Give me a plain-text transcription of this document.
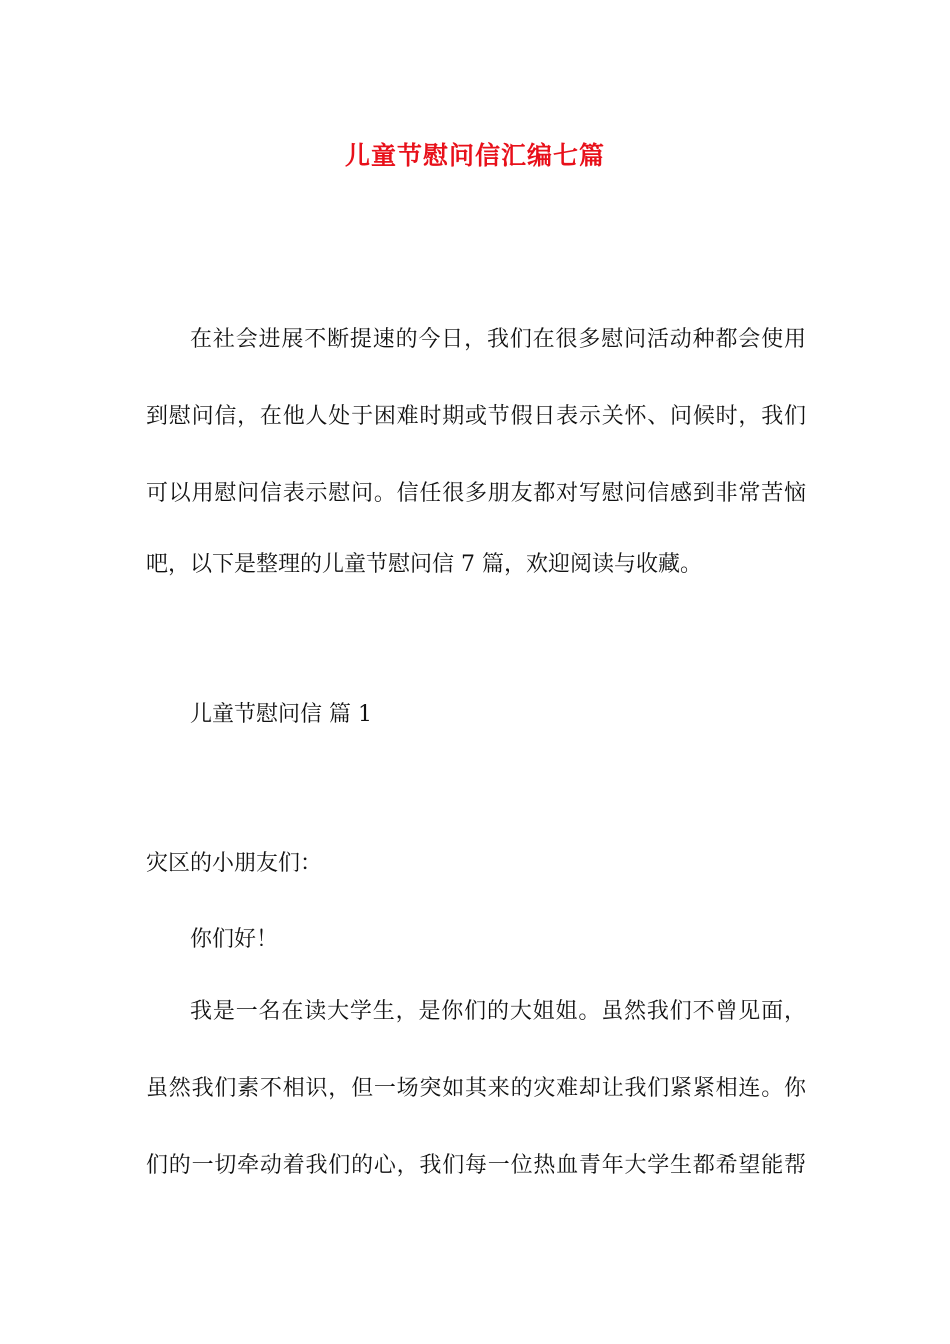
儿童节慰问信汇编七篇
在社会进展不断提速的今日，我们在很多慰问活动种都会使用
到慰问信，在他人处于困难时期或节假日表示关怀、问候时，我们
可以用慰问信表示慰问。信任很多朋友都对写慰问信感到非常苦恼
吧，以下是整理的儿童节慰问信 7 篇，欢迎阅读与收藏。
儿童节慰问信 篇 1
灾区的小朋友们：
你们好！
我是一名在读大学生，是你们的大姐姐。虽然我们不曾见面，
虽然我们素不相识，但一场突如其来的灾难却让我们紧紧相连。你
们的一切牵动着我们的心，我们每一位热血青年大学生都希望能帮
